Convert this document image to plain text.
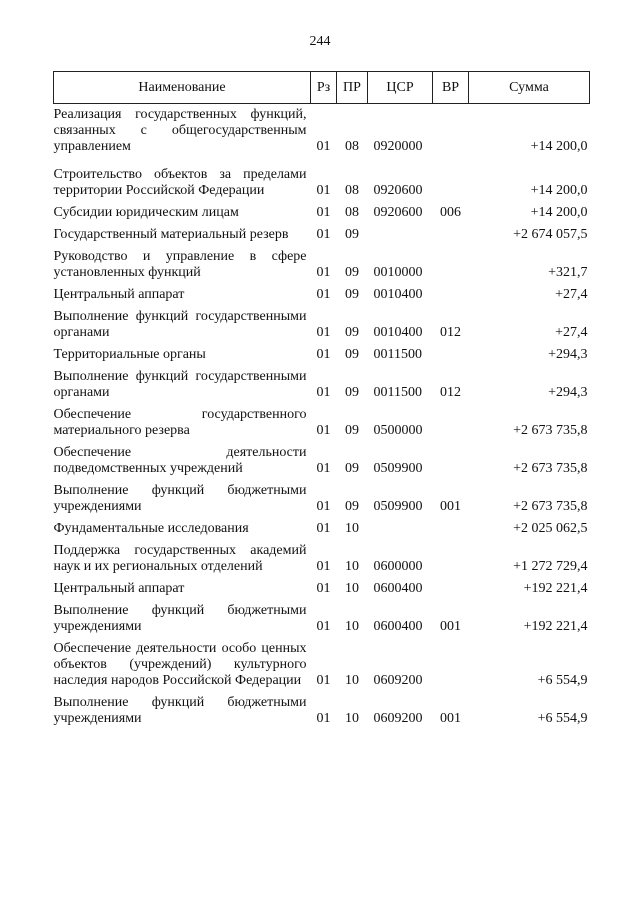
244
Наименование	Рз	ПР	ЦСР	ВР	Сумма
Реализация государственных функций, связанных с общегосударственным управлением	01	08	0920000		+14 200,0
Строительство объектов за пределами территории Российской Федерации	01	08	0920600		+14 200,0
Субсидии юридическим лицам	01	08	0920600	006	+14 200,0
Государственный материальный резерв	01	09			+2 674 057,5
Руководство и управление в сфере установленных функций	01	09	0010000		+321,7
Центральный аппарат	01	09	0010400		+27,4
Выполнение функций государственными органами	01	09	0010400	012	+27,4
Территориальные органы	01	09	0011500		+294,3
Выполнение функций государственными органами	01	09	0011500	012	+294,3
Обеспечение государственного материального резерва	01	09	0500000		+2 673 735,8
Обеспечение деятельности подведомственных учреждений	01	09	0509900		+2 673 735,8
Выполнение функций бюджетными учреждениями	01	09	0509900	001	+2 673 735,8
Фундаментальные исследования	01	10			+2 025 062,5
Поддержка государственных академий наук и их региональных отделений	01	10	0600000		+1 272 729,4
Центральный аппарат	01	10	0600400		+192 221,4
Выполнение функций бюджетными учреждениями	01	10	0600400	001	+192 221,4
Обеспечение деятельности особо ценных объектов (учреждений) культурного наследия народов Российской Федерации	01	10	0609200		+6 554,9
Выполнение функций бюджетными учреждениями	01	10	0609200	001	+6 554,9
